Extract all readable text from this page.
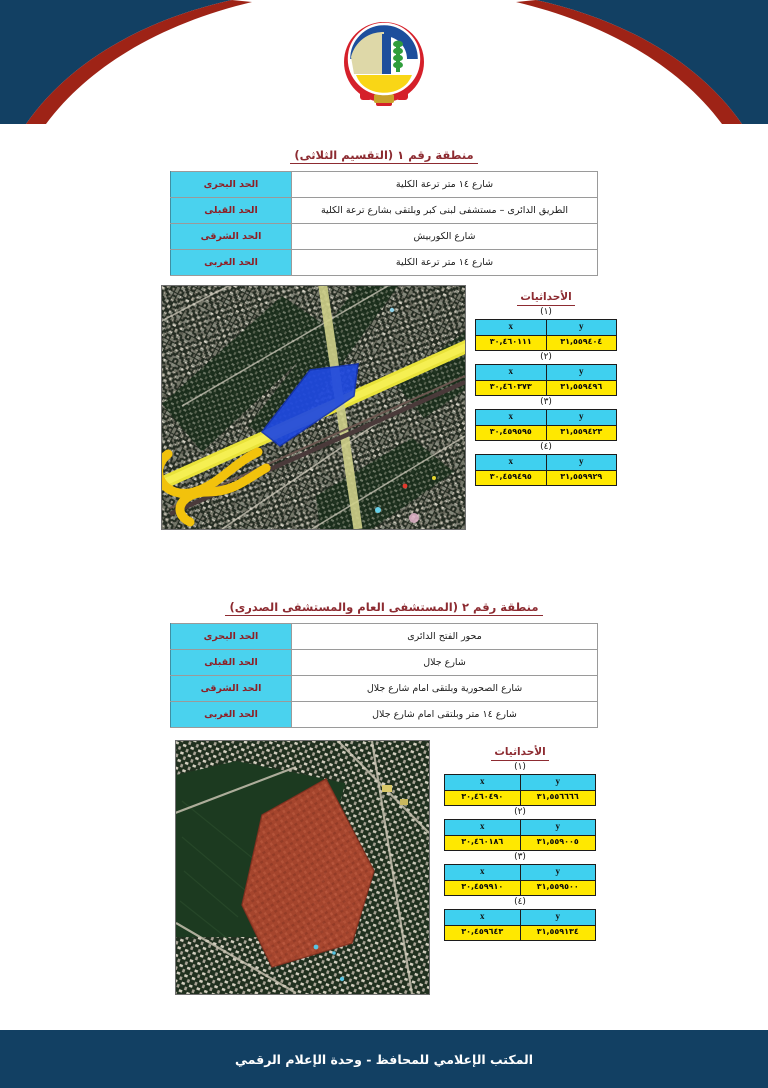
منطقة رقم ١ (التقسيم الثلاثى)
شارع ١٤ متر ترعة الكلية	الحد البحرى
الطريق الدائرى – مستشفى لبنى كبر وبلتقى بشارع ترعة الكلية	الحد القبلى
شارع الكوربيش	الحد الشرقى
شارع ١٤ متر ترعة الكلية	الحد الغربى
الأحداثيات
(١)
y	x
٣١,٥٥٩٤٠٤	٣٠,٤٦٠١١١
(٢)
y	x
٣١,٥٥٩٤٩٦	٣٠,٤٦٠٣٧٣
(٣)
y	x
٣١,٥٥٩٤٢٣	٣٠,٤٥٩٥٩٥
(٤)
y	x
٣١,٥٥٩٩٢٩	٣٠,٤٥٩٤٩٥
منطقة رقم ٢ (المستشفى العام والمستشفى الصدرى)
محور الفتح الدائرى	الحد البحرى
شارع جلال	الحد القبلى
شارع الصحورية وبلتقى امام شارع جلال	الحد الشرقى
شارع ١٤ متر وبلتقى امام شارع جلال	الحد الغربى
الأحداثيات
(١)
y	x
٣١,٥٥٦٦٦٦	٣٠,٤٦٠٤٩٠
(٢)
y	x
٣١,٥٥٩٠٠٥	٣٠,٤٦٠١٨٦
(٣)
y	x
٣١,٥٥٩٥٠٠	٣٠,٤٥٩٩١٠
(٤)
y	x
٣١,٥٥٩١٣٤	٣٠,٤٥٩٦٤٣
المكتب الإعلامي للمحافظ - وحدة الإعلام الرقمي
